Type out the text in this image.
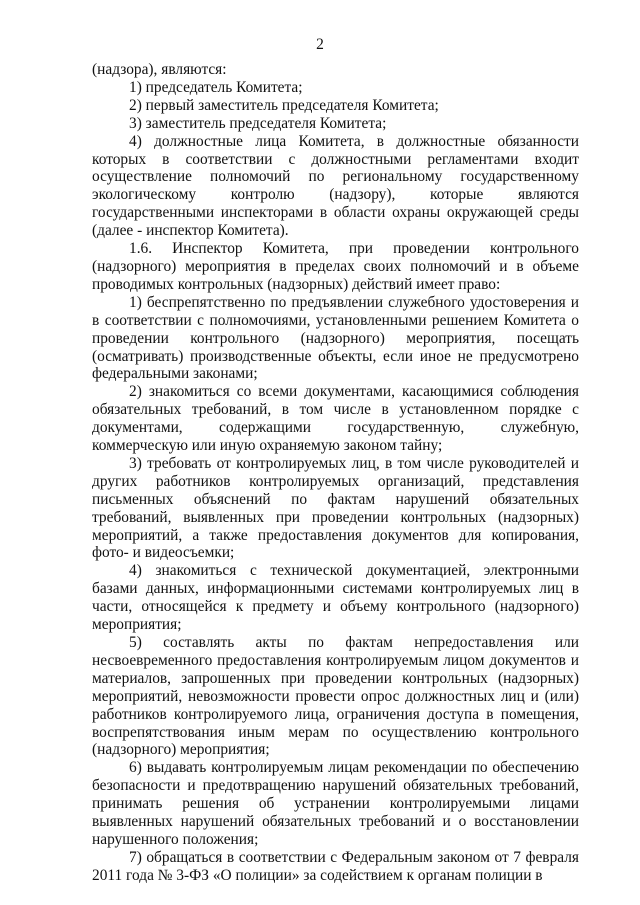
2

(надзора), являются:

1) председатель Комитета;

2) первый заместитель председателя Комитета;

3) заместитель председателя Комитета;

4) должностные лица Комитета, в должностные обязанности которых в соответствии с должностными регламентами входит осуществление полномочий по региональному государственному экологическому контролю (надзору), которые являются государственными инспекторами в области охраны окружающей среды (далее - инспектор Комитета).

1.6. Инспектор Комитета, при проведении контрольного (надзорного) мероприятия в пределах своих полномочий и в объеме проводимых контрольных (надзорных) действий имеет право:

1) беспрепятственно по предъявлении служебного удостоверения и в соответствии с полномочиями, установленными решением Комитета о проведении контрольного (надзорного) мероприятия, посещать (осматривать) производственные объекты, если иное не предусмотрено федеральными законами;

2) знакомиться со всеми документами, касающимися соблюдения обязательных требований, в том числе в установленном порядке с документами, содержащими государственную, служебную, коммерческую или иную охраняемую законом тайну;

3) требовать от контролируемых лиц, в том числе руководителей и других работников контролируемых организаций, представления письменных объяснений по фактам нарушений обязательных требований, выявленных при проведении контрольных (надзорных) мероприятий, а также предоставления документов для копирования, фото- и видеосъемки;

4) знакомиться с технической документацией, электронными базами данных, информационными системами контролируемых лиц в части, относящейся к предмету и объему контрольного (надзорного) мероприятия;

5) составлять акты по фактам непредоставления или несвоевременного предоставления контролируемым лицом документов и материалов, запрошенных при проведении контрольных (надзорных) мероприятий, невозможности провести опрос должностных лиц и (или) работников контролируемого лица, ограничения доступа в помещения, воспрепятствования иным мерам по осуществлению контрольного (надзорного) мероприятия;

6) выдавать контролируемым лицам рекомендации по обеспечению безопасности и предотвращению нарушений обязательных требований, принимать решения об устранении контролируемыми лицами выявленных нарушений обязательных требований и о восстановлении нарушенного положения;

7) обращаться в соответствии с Федеральным законом от 7 февраля 2011 года № 3-ФЗ «О полиции» за содействием к органам полиции в
